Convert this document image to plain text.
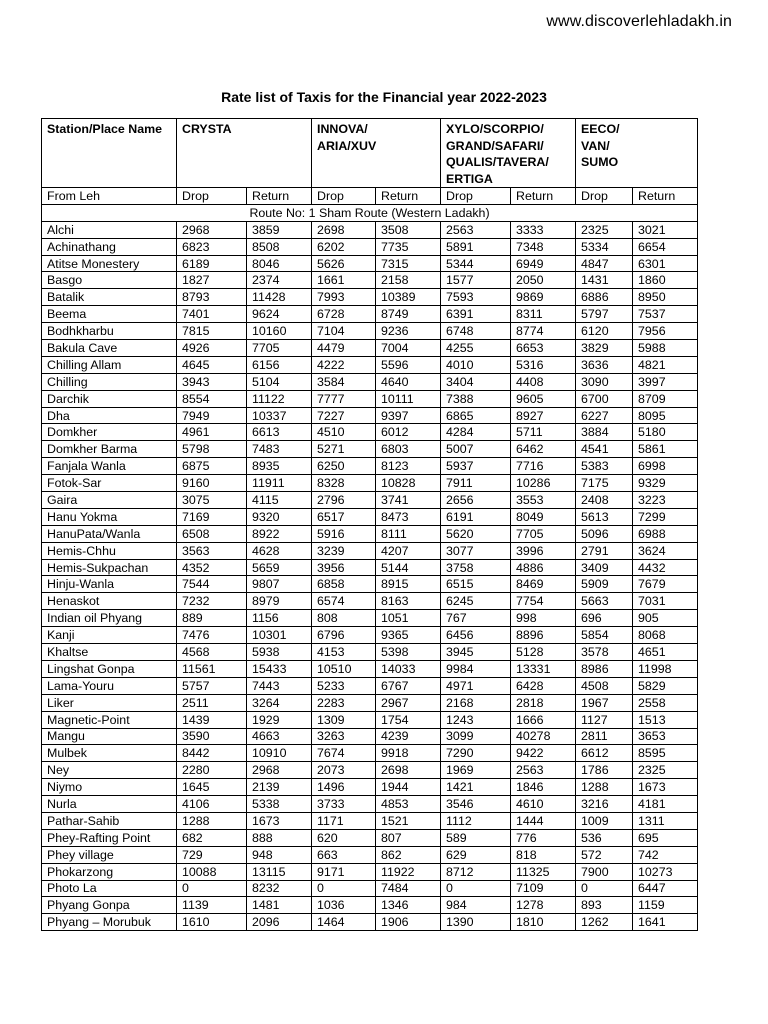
www.discoverlehladakh.in
Rate list of Taxis for the Financial year 2022-2023
Station/Place Name	CRYSTA		INNOVA/
ARIA/XUV		XYLO/SCORPIO/
GRAND/SAFARI/
QUALIS/TAVERA/
ERTIGA		EECO/
VAN/
SUMO	
From Leh	Drop	Return	Drop	Return	Drop	Return	Drop	Return
Route No: 1 Sham Route (Western Ladakh)								
Alchi	2968	3859	2698	3508	2563	3333	2325	3021
Achinathang	6823	8508	6202	7735	5891	7348	5334	6654
Atitse Monestery	6189	8046	5626	7315	5344	6949	4847	6301
Basgo	1827	2374	1661	2158	1577	2050	1431	1860
Batalik	8793	11428	7993	10389	7593	9869	6886	8950
Beema	7401	9624	6728	8749	6391	8311	5797	7537
Bodhkharbu	7815	10160	7104	9236	6748	8774	6120	7956
Bakula Cave	4926	7705	4479	7004	4255	6653	3829	5988
Chilling Allam	4645	6156	4222	5596	4010	5316	3636	4821
Chilling	3943	5104	3584	4640	3404	4408	3090	3997
Darchik	8554	11122	7777	10111	7388	9605	6700	8709
Dha	7949	10337	7227	9397	6865	8927	6227	8095
Domkher	4961	6613	4510	6012	4284	5711	3884	5180
Domkher Barma	5798	7483	5271	6803	5007	6462	4541	5861
Fanjala Wanla	6875	8935	6250	8123	5937	7716	5383	6998
Fotok-Sar	9160	11911	8328	10828	7911	10286	7175	9329
Gaira	3075	4115	2796	3741	2656	3553	2408	3223
Hanu Yokma	7169	9320	6517	8473	6191	8049	5613	7299
HanuPata/Wanla	6508	8922	5916	8111	5620	7705	5096	6988
Hemis-Chhu	3563	4628	3239	4207	3077	3996	2791	3624
Hemis-Sukpachan	4352	5659	3956	5144	3758	4886	3409	4432
Hinju-Wanla	7544	9807	6858	8915	6515	8469	5909	7679
Henaskot	7232	8979	6574	8163	6245	7754	5663	7031
Indian oil Phyang	889	1156	808	1051	767	998	696	905
Kanji	7476	10301	6796	9365	6456	8896	5854	8068
Khaltse	4568	5938	4153	5398	3945	5128	3578	4651
Lingshat Gonpa	11561	15433	10510	14033	9984	13331	8986	11998
Lama-Youru	5757	7443	5233	6767	4971	6428	4508	5829
Liker	2511	3264	2283	2967	2168	2818	1967	2558
Magnetic-Point	1439	1929	1309	1754	1243	1666	1127	1513
Mangu	3590	4663	3263	4239	3099	40278	2811	3653
Mulbek	8442	10910	7674	9918	7290	9422	6612	8595
Ney	2280	2968	2073	2698	1969	2563	1786	2325
Niymo	1645	2139	1496	1944	1421	1846	1288	1673
Nurla	4106	5338	3733	4853	3546	4610	3216	4181
Pathar-Sahib	1288	1673	1171	1521	1112	1444	1009	1311
Phey-Rafting Point	682	888	620	807	589	776	536	695
Phey village	729	948	663	862	629	818	572	742
Phokarzong	10088	13115	9171	11922	8712	11325	7900	10273
Photo La	0	8232	0	7484	0	7109	0	6447
Phyang Gonpa	1139	1481	1036	1346	984	1278	893	1159
Phyang – Morubuk	1610	2096	1464	1906	1390	1810	1262	1641
